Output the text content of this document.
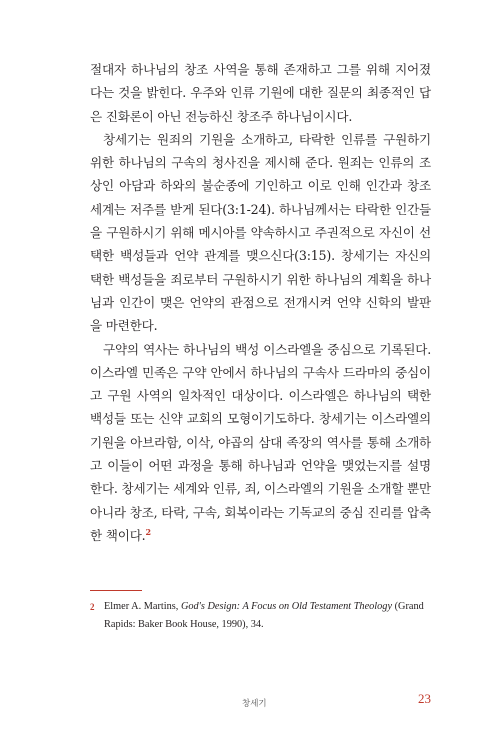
절대자 하나님의 창조 사역을 통해 존재하고 그를 위해 지어졌다는 것을 밝힌다. 우주와 인류 기원에 대한 질문의 최종적인 답은 진화론이 아닌 전능하신 창조주 하나님이시다.

창세기는 원죄의 기원을 소개하고, 타락한 인류를 구원하기 위한 하나님의 구속의 청사진을 제시해 준다. 원죄는 인류의 조상인 아담과 하와의 불순종에 기인하고 이로 인해 인간과 창조세계는 저주를 받게 된다(3:1-24). 하나님께서는 타락한 인간들을 구원하시기 위해 메시아를 약속하시고 주권적으로 자신이 선택한 백성들과 언약 관계를 맺으신다(3:15). 창세기는 자신의 택한 백성들을 죄로부터 구원하시기 위한 하나님의 계획을 하나님과 인간이 맺은 언약의 관점으로 전개시켜 언약 신학의 발판을 마련한다.

구약의 역사는 하나님의 백성 이스라엘을 중심으로 기록된다. 이스라엘 민족은 구약 안에서 하나님의 구속사 드라마의 중심이고 구원 사역의 일차적인 대상이다. 이스라엘은 하나님의 택한 백성들 또는 신약 교회의 모형이기도하다. 창세기는 이스라엘의 기원을 아브라함, 이삭, 야곱의 삼대 족장의 역사를 통해 소개하고 이들이 어떤 과정을 통해 하나님과 언약을 맺었는지를 설명한다. 창세기는 세계와 인류, 죄, 이스라엘의 기원을 소개할 뿐만 아니라 창조, 타락, 구속, 회복이라는 기독교의 중심 진리를 압축한 책이다.$^2$

2 Elmer A. Martins, God's Design: A Focus on Old Testament Theology (Grand Rapids: Baker Book House, 1990), 34.
창세기	23
